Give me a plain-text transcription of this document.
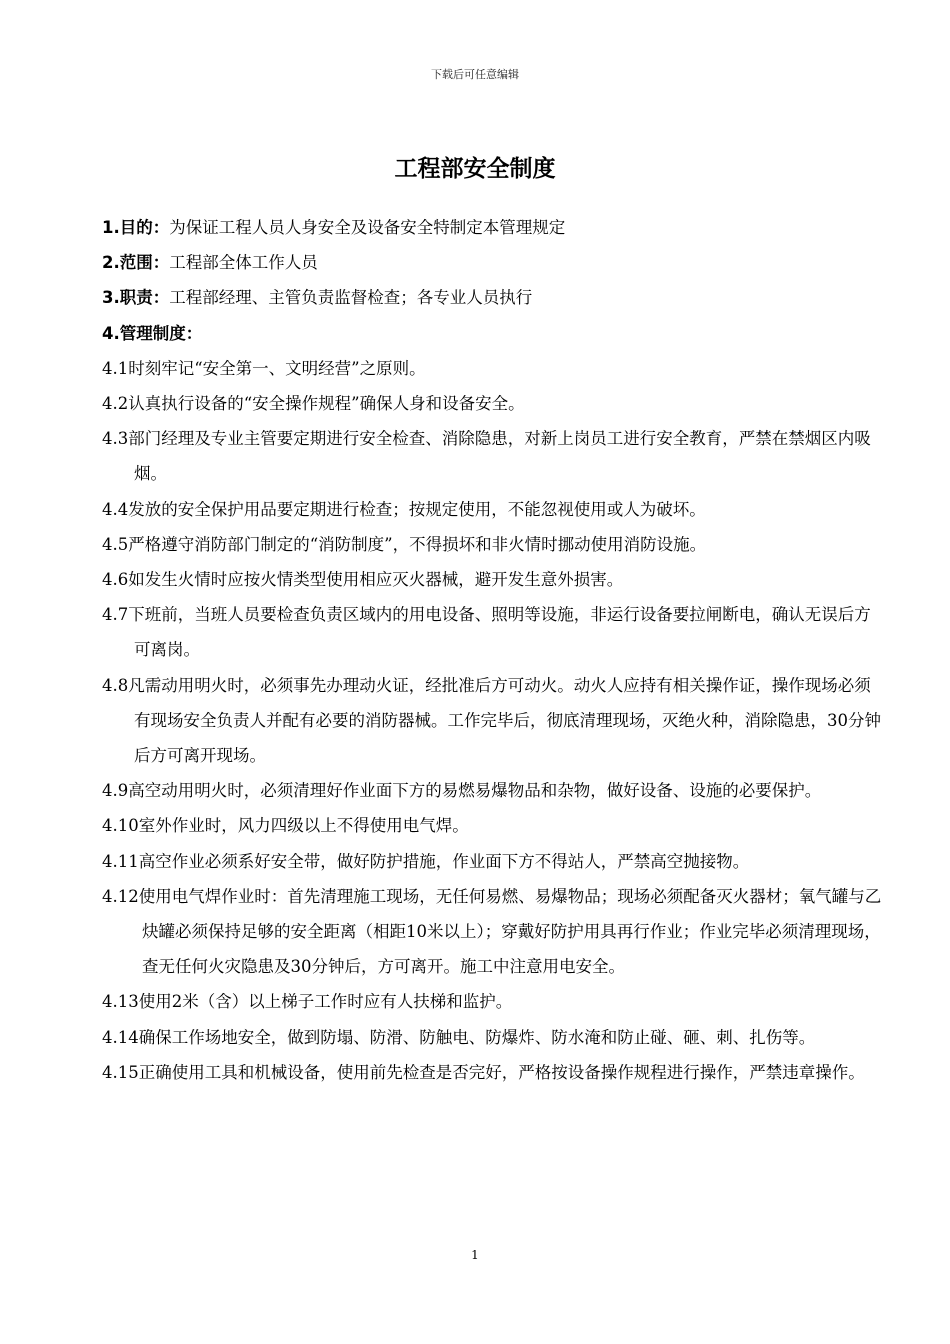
下载后可任意编辑
工程部安全制度

1.目的：为保证工程人员人身安全及设备安全特制定本管理规定

2.范围：工程部全体工作人员

3.职责：工程部经理、主管负责监督检查；各专业人员执行

4.管理制度：

4.1时刻牢记“安全第一、文明经营”之原则。

4.2认真执行设备的“安全操作规程”确保人身和设备安全。

4.3部门经理及专业主管要定期进行安全检查、消除隐患，对新上岗员工进行安全教育，严禁在禁烟区内吸烟。

4.4发放的安全保护用品要定期进行检查；按规定使用，不能忽视使用或人为破坏。

4.5严格遵守消防部门制定的“消防制度”，不得损坏和非火情时挪动使用消防设施。

4.6如发生火情时应按火情类型使用相应灭火器械，避开发生意外损害。

4.7下班前，当班人员要检查负责区域内的用电设备、照明等设施，非运行设备要拉闸断电，确认无误后方可离岗。

4.8凡需动用明火时，必须事先办理动火证，经批准后方可动火。动火人应持有相关操作证，操作现场必须有现场安全负责人并配有必要的消防器械。工作完毕后，彻底清理现场，灭绝火种，消除隐患，30分钟后方可离开现场。

4.9高空动用明火时，必须清理好作业面下方的易燃易爆物品和杂物，做好设备、设施的必要保护。

4.10室外作业时，风力四级以上不得使用电气焊。

4.11高空作业必须系好安全带，做好防护措施，作业面下方不得站人，严禁高空抛接物。

4.12使用电气焊作业时：首先清理施工现场，无任何易燃、易爆物品；现场必须配备灭火器材；氧气罐与乙炔罐必须保持足够的安全距离（相距10米以上）；穿戴好防护用具再行作业；作业完毕必须清理现场，查无任何火灾隐患及30分钟后，方可离开。施工中注意用电安全。

4.13使用2米（含）以上梯子工作时应有人扶梯和监护。

4.14确保工作场地安全，做到防塌、防滑、防触电、防爆炸、防水淹和防止碰、砸、刺、扎伤等。

4.15正确使用工具和机械设备，使用前先检查是否完好，严格按设备操作规程进行操作，严禁违章操作。

1
